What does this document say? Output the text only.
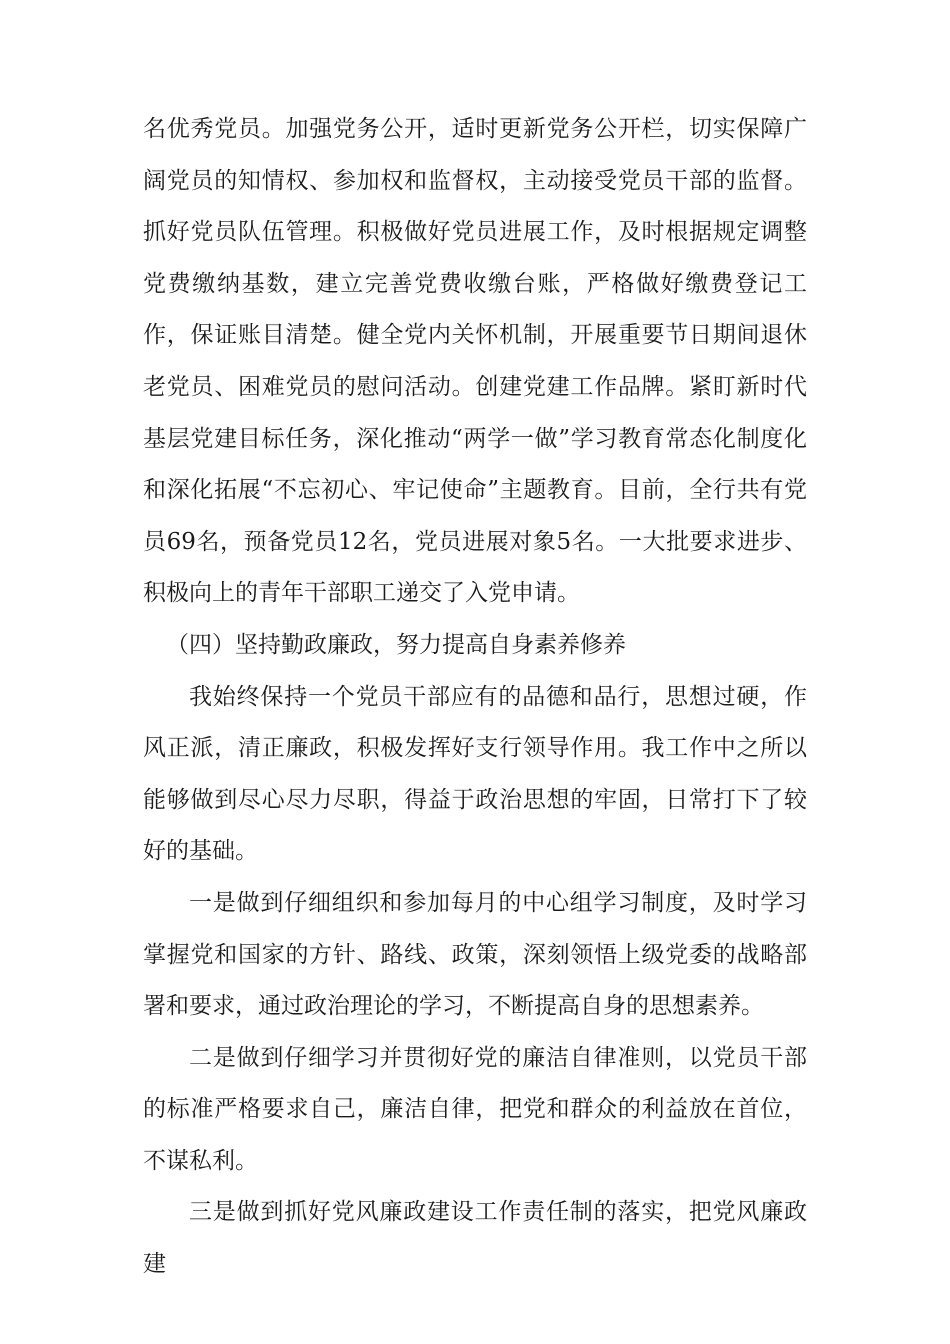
名优秀党员。加强党务公开，适时更新党务公开栏，切实保障广阔党员的知情权、参加权和监督权，主动接受党员干部的监督。抓好党员队伍管理。积极做好党员进展工作，及时根据规定调整党费缴纳基数，建立完善党费收缴台账，严格做好缴费登记工作，保证账目清楚。健全党内关怀机制，开展重要节日期间退休老党员、困难党员的慰问活动。创建党建工作品牌。紧盯新时代基层党建目标任务，深化推动“两学一做”学习教育常态化制度化和深化拓展“不忘初心、牢记使命”主题教育。目前，全行共有党员69名，预备党员12名，党员进展对象5名。一大批要求进步、积极向上的青年干部职工递交了入党申请。

（四）坚持勤政廉政，努力提高自身素养修养

我始终保持一个党员干部应有的品德和品行，思想过硬，作风正派，清正廉政，积极发挥好支行领导作用。我工作中之所以能够做到尽心尽力尽职，得益于政治思想的牢固，日常打下了较好的基础。

一是做到仔细组织和参加每月的中心组学习制度，及时学习掌握党和国家的方针、路线、政策，深刻领悟上级党委的战略部署和要求，通过政治理论的学习，不断提高自身的思想素养。

二是做到仔细学习并贯彻好党的廉洁自律准则，以党员干部的标准严格要求自己，廉洁自律，把党和群众的利益放在首位，不谋私利。

三是做到抓好党风廉政建设工作责任制的落实，把党风廉政建
